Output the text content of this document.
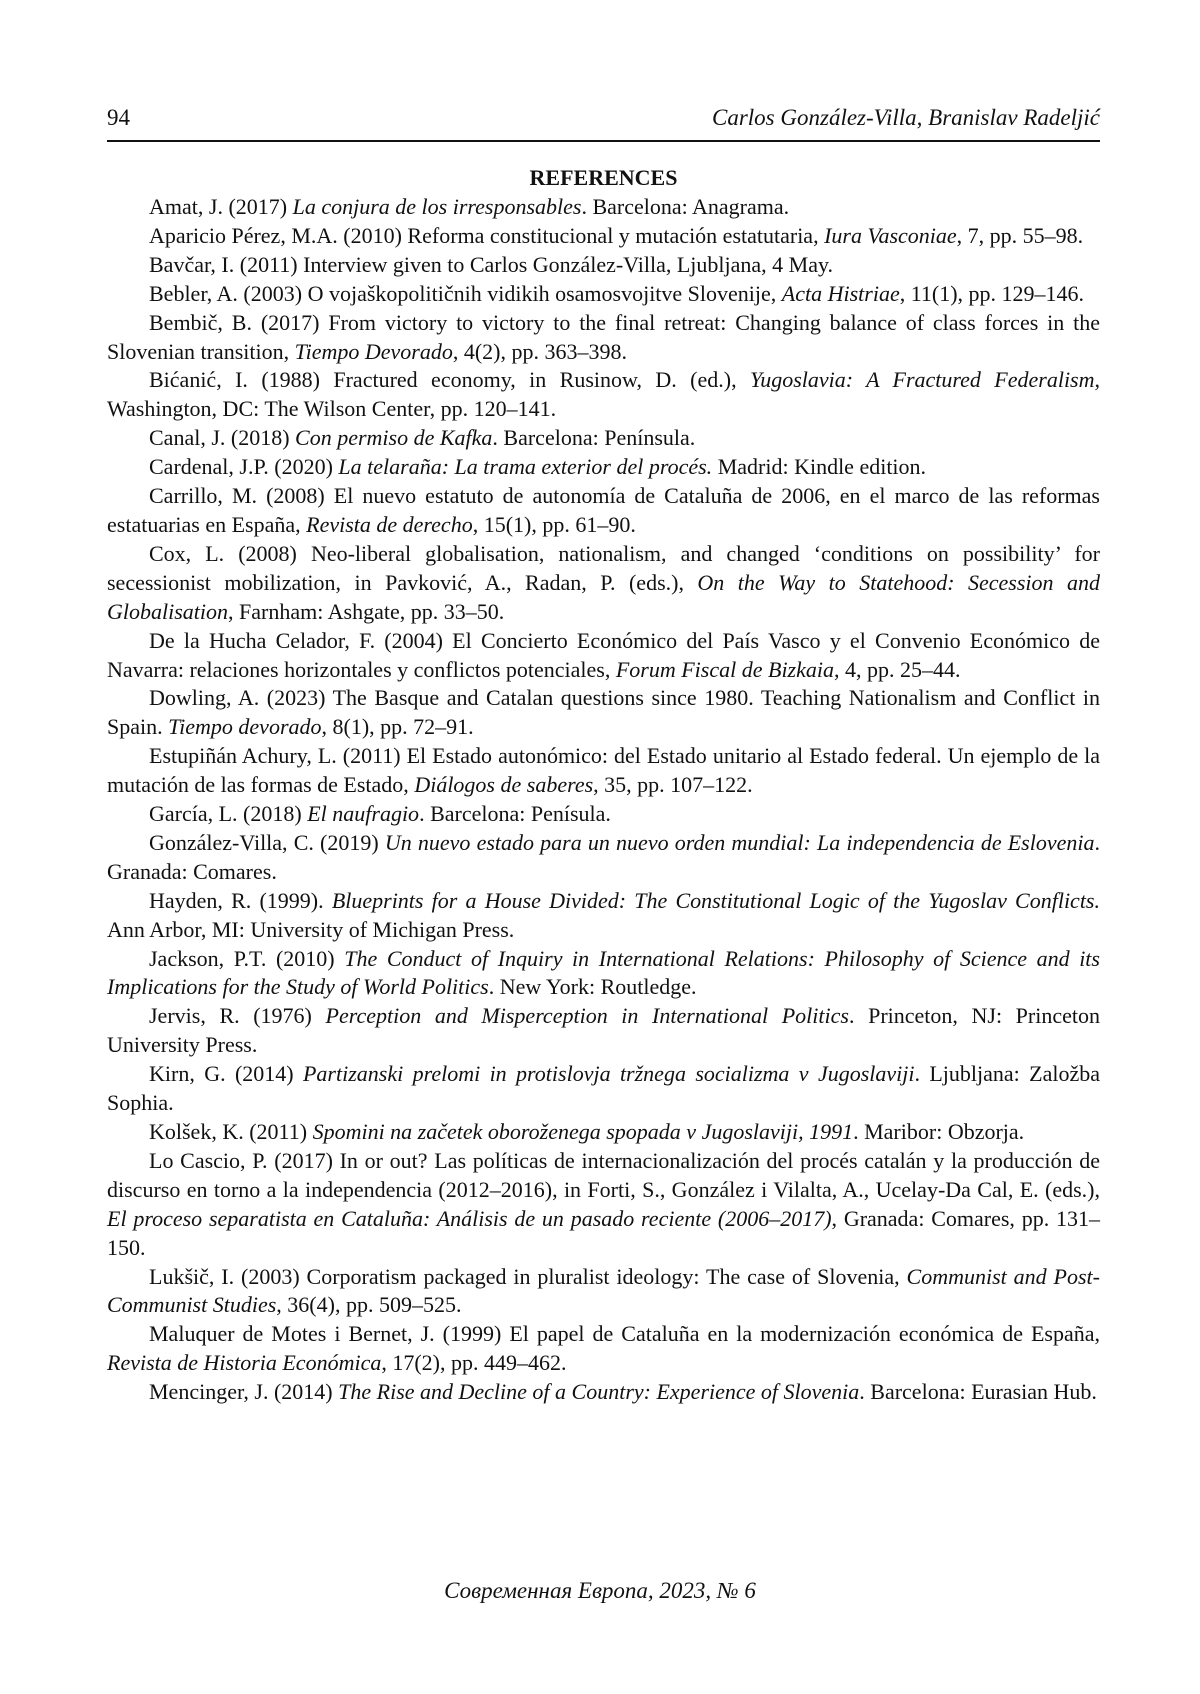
94	Carlos González-Villa, Branislav Radeljić
REFERENCES

Amat, J. (2017) La conjura de los irresponsables. Barcelona: Anagrama.

Aparicio Pérez, M.A. (2010) Reforma constitucional y mutación estatutaria, Iura Vasconiae, 7, pp. 55–98.

Bavčar, I. (2011) Interview given to Carlos González-Villa, Ljubljana, 4 May.

Bebler, A. (2003) O vojaškopolitičnih vidikih osamosvojitve Slovenije, Acta Histriae, 11(1), pp. 129–146.

Bembič, B. (2017) From victory to victory to the final retreat: Changing balance of class forces in the Slovenian transition, Tiempo Devorado, 4(2), pp. 363–398.

Bićanić, I. (1988) Fractured economy, in Rusinow, D. (ed.), Yugoslavia: A Fractured Federalism, Washington, DC: The Wilson Center, pp. 120–141.

Canal, J. (2018) Con permiso de Kafka. Barcelona: Península.

Cardenal, J.P. (2020) La telaraña: La trama exterior del procés. Madrid: Kindle edition.

Carrillo, M. (2008) El nuevo estatuto de autonomía de Cataluña de 2006, en el marco de las reformas estatuarias en España, Revista de derecho, 15(1), pp. 61–90.

Cox, L. (2008) Neo-liberal globalisation, nationalism, and changed ‘conditions on possibility’ for secessionist mobilization, in Pavković, A., Radan, P. (eds.), On the Way to Statehood: Secession and Globalisation, Farnham: Ashgate, pp. 33–50.

De la Hucha Celador, F. (2004) El Concierto Económico del País Vasco y el Convenio Económico de Navarra: relaciones horizontales y conflictos potenciales, Forum Fiscal de Bizkaia, 4, pp. 25–44.

Dowling, A. (2023) The Basque and Catalan questions since 1980. Teaching Nationalism and Conflict in Spain. Tiempo devorado, 8(1), pp. 72–91.

Estupiñán Achury, L. (2011) El Estado autonómico: del Estado unitario al Estado federal. Un ejemplo de la mutación de las formas de Estado, Diálogos de saberes, 35, pp. 107–122.

García, L. (2018) El naufragio. Barcelona: Penísula.

González-Villa, C. (2019) Un nuevo estado para un nuevo orden mundial: La independencia de Eslovenia. Granada: Comares.

Hayden, R. (1999). Blueprints for a House Divided: The Constitutional Logic of the Yugoslav Conflicts. Ann Arbor, MI: University of Michigan Press.

Jackson, P.T. (2010) The Conduct of Inquiry in International Relations: Philosophy of Science and its Implications for the Study of World Politics. New York: Routledge.

Jervis, R. (1976) Perception and Misperception in International Politics. Princeton, NJ: Princeton University Press.

Kirn, G. (2014) Partizanski prelomi in protislovja tržnega socializma v Jugoslaviji. Ljubljana: Založba Sophia.

Kolšek, K. (2011) Spomini na začetek oboroženega spopada v Jugoslaviji, 1991. Maribor: Obzorja.

Lo Cascio, P. (2017) In or out? Las políticas de internacionalización del procés catalán y la producción de discurso en torno a la independencia (2012–2016), in Forti, S., González i Vilalta, A., Ucelay-Da Cal, E. (eds.), El proceso separatista en Cataluña: Análisis de un pasado reciente (2006–2017), Granada: Comares, pp. 131–150.

Lukšič, I. (2003) Corporatism packaged in pluralist ideology: The case of Slovenia, Communist and Post-Communist Studies, 36(4), pp. 509–525.

Maluquer de Motes i Bernet, J. (1999) El papel de Cataluña en la modernización económica de España, Revista de Historia Económica, 17(2), pp. 449–462.

Mencinger, J. (2014) The Rise and Decline of a Country: Experience of Slovenia. Barcelona: Eurasian Hub.

Современная Европа, 2023, № 6
